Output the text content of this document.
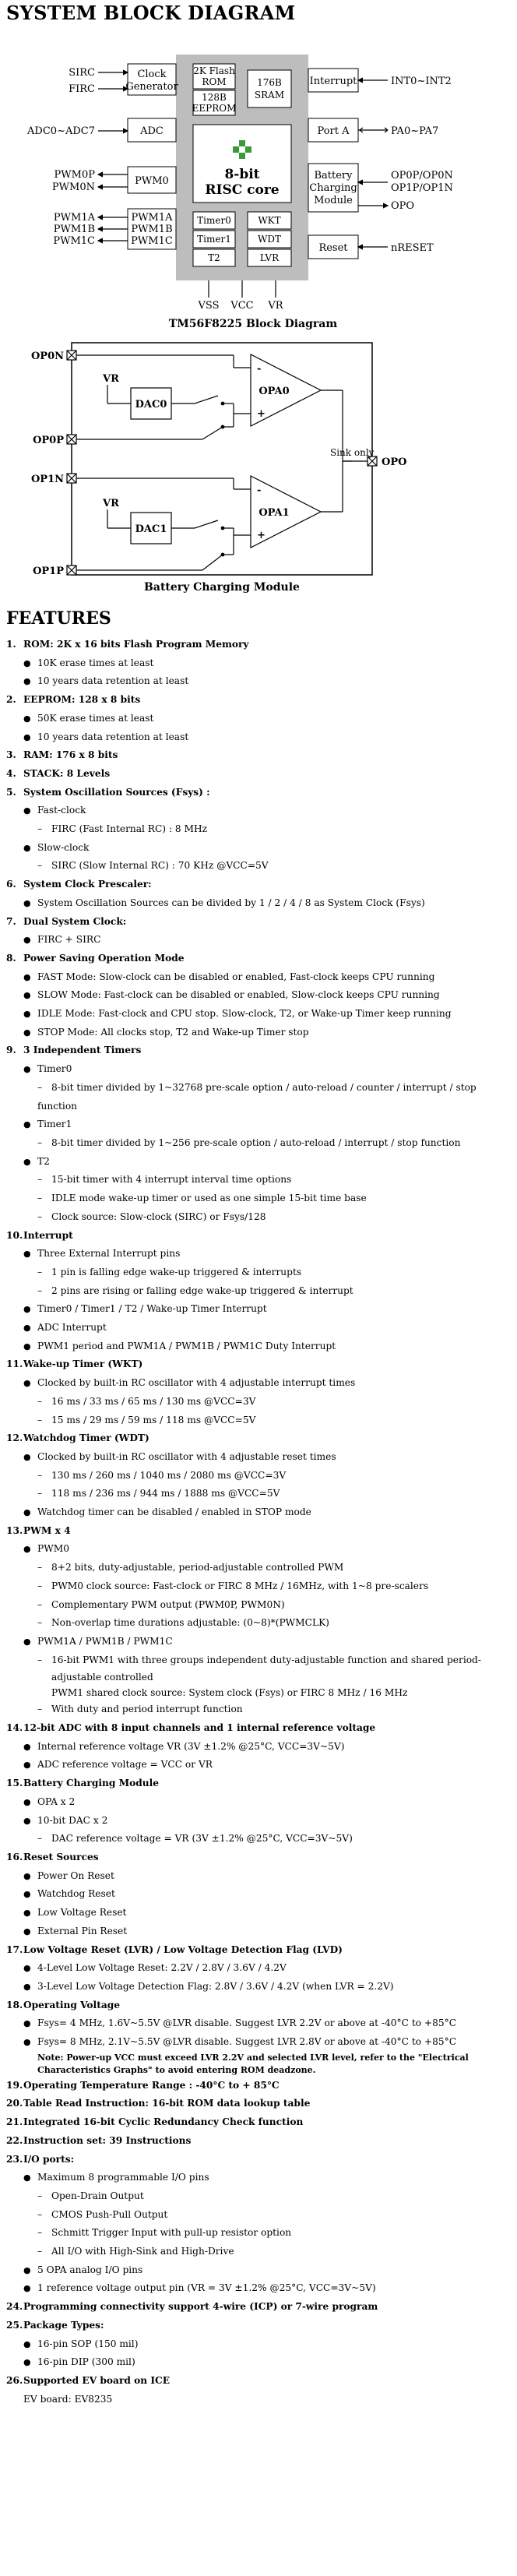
SYSTEM BLOCK DIAGRAM
Clock
Generator
ADC
PWM0
PWM1A
PWM1B
PWM1C
SIRC
FIRC
ADC0~ADC7
PWM0P
PWM0N
PWM1A
PWM1B
PWM1C
2K Flash
ROM
128B
EEPROM
176B
SRAM
8-bit
RISC core
Timer0
Timer1
T2
WKT
WDT
LVR
Interrupt
Port A
Battery
Charging
Module
Reset
INT0~INT2
PA0~PA7
OP0P/OP0N
OP1P/OP1N
OPO
nRESET
VSS VCC VR
TM56F8225 Block Diagram
OP0N
OP0P
OP1N
OP1P
OPO
VR
VR
DAC0
DAC1
OPA0
OPA1
-
+
-
+
Sink only
Battery Charging Module
FEATURES
1. ROM: 2K x 16 bits Flash Program Memory
● 10K erase times at least
● 10 years data retention at least
2. EEPROM: 128 x 8 bits
● 50K erase times at least
● 10 years data retention at least
3. RAM: 176 x 8 bits
4. STACK: 8 Levels
5. System Oscillation Sources (Fsys) :
● Fast-clock
– FIRC (Fast Internal RC) : 8 MHz
● Slow-clock
– SIRC (Slow Internal RC) : 70 KHz @VCC=5V
6. System Clock Prescaler:
● System Oscillation Sources can be divided by 1 / 2 / 4 / 8 as System Clock (Fsys)
7. Dual System Clock:
● FIRC + SIRC
8. Power Saving Operation Mode
● FAST Mode: Slow-clock can be disabled or enabled, Fast-clock keeps CPU running
● SLOW Mode: Fast-clock can be disabled or enabled, Slow-clock keeps CPU running
● IDLE Mode: Fast-clock and CPU stop. Slow-clock, T2, or Wake-up Timer keep running
● STOP Mode: All clocks stop, T2 and Wake-up Timer stop
9. 3 Independent Timers
● Timer0
– 8-bit timer divided by 1~32768 pre-scale option / auto-reload / counter / interrupt / stop function
● Timer1
– 8-bit timer divided by 1~256 pre-scale option / auto-reload / interrupt / stop function
● T2
– 15-bit timer with 4 interrupt interval time options
– IDLE mode wake-up timer or used as one simple 15-bit time base
– Clock source: Slow-clock (SIRC) or Fsys/128
10.Interrupt
● Three External Interrupt pins
– 1 pin is falling edge wake-up triggered & interrupts
– 2 pins are rising or falling edge wake-up triggered & interrupt
● Timer0 / Timer1 / T2 / Wake-up Timer Interrupt
● ADC Interrupt
● PWM1 period and PWM1A / PWM1B / PWM1C Duty Interrupt
11.Wake-up Timer (WKT)
● Clocked by built-in RC oscillator with 4 adjustable interrupt times
– 16 ms / 33 ms / 65 ms / 130 ms @VCC=3V
– 15 ms / 29 ms / 59 ms / 118 ms @VCC=5V
12.Watchdog Timer (WDT)
● Clocked by built-in RC oscillator with 4 adjustable reset times
– 130 ms / 260 ms / 1040 ms / 2080 ms @VCC=3V
– 118 ms / 236 ms / 944 ms / 1888 ms @VCC=5V
● Watchdog timer can be disabled / enabled in STOP mode
13.PWM x 4
● PWM0
– 8+2 bits, duty-adjustable, period-adjustable controlled PWM
– PWM0 clock source: Fast-clock or FIRC 8 MHz / 16MHz, with 1~8 pre-scalers
– Complementary PWM output (PWM0P, PWM0N)
– Non-overlap time durations adjustable: (0~8)*(PWMCLK)
● PWM1A / PWM1B / PWM1C
– 16-bit PWM1 with three groups independent duty-adjustable function and shared period-
adjustable controlled
PWM1 shared clock source: System clock (Fsys) or FIRC 8 MHz / 16 MHz
– With duty and period interrupt function
14.12-bit ADC with 8 input channels and 1 internal reference voltage
● Internal reference voltage VR (3V ±1.2% @25°C, VCC=3V~5V)
● ADC reference voltage = VCC or VR
15.Battery Charging Module
● OPA x 2
● 10-bit DAC x 2
– DAC reference voltage = VR (3V ±1.2% @25°C, VCC=3V~5V)
16.Reset Sources
● Power On Reset
● Watchdog Reset
● Low Voltage Reset
● External Pin Reset
17.Low Voltage Reset (LVR) / Low Voltage Detection Flag (LVD)
● 4-Level Low Voltage Reset: 2.2V / 2.8V / 3.6V / 4.2V
● 3-Level Low Voltage Detection Flag: 2.8V / 3.6V / 4.2V (when LVR = 2.2V)
18.Operating Voltage
● Fsys= 4 MHz, 1.6V~5.5V @LVR disable. Suggest LVR 2.2V or above at -40°C to +85°C
● Fsys= 8 MHz, 2.1V~5.5V @LVR disable. Suggest LVR 2.8V or above at -40°C to +85°C
Note: Power-up VCC must exceed LVR 2.2V and selected LVR level, refer to the "Electrical Characteristics Graphs" to avoid entering ROM deadzone.
19.Operating Temperature Range : -40°C to + 85°C
20.Table Read Instruction: 16-bit ROM data lookup table
21.Integrated 16-bit Cyclic Redundancy Check function
22.Instruction set: 39 Instructions
23.I/O ports:
● Maximum 8 programmable I/O pins
– Open-Drain Output
– CMOS Push-Pull Output
– Schmitt Trigger Input with pull-up resistor option
– All I/O with High-Sink and High-Drive
● 5 OPA analog I/O pins
● 1 reference voltage output pin (VR = 3V ±1.2% @25°C, VCC=3V~5V)
24.Programming connectivity support 4-wire (ICP) or 7-wire program
25.Package Types:
● 16-pin SOP (150 mil)
● 16-pin DIP (300 mil)
26.Supported EV board on ICE
EV board: EV8235
